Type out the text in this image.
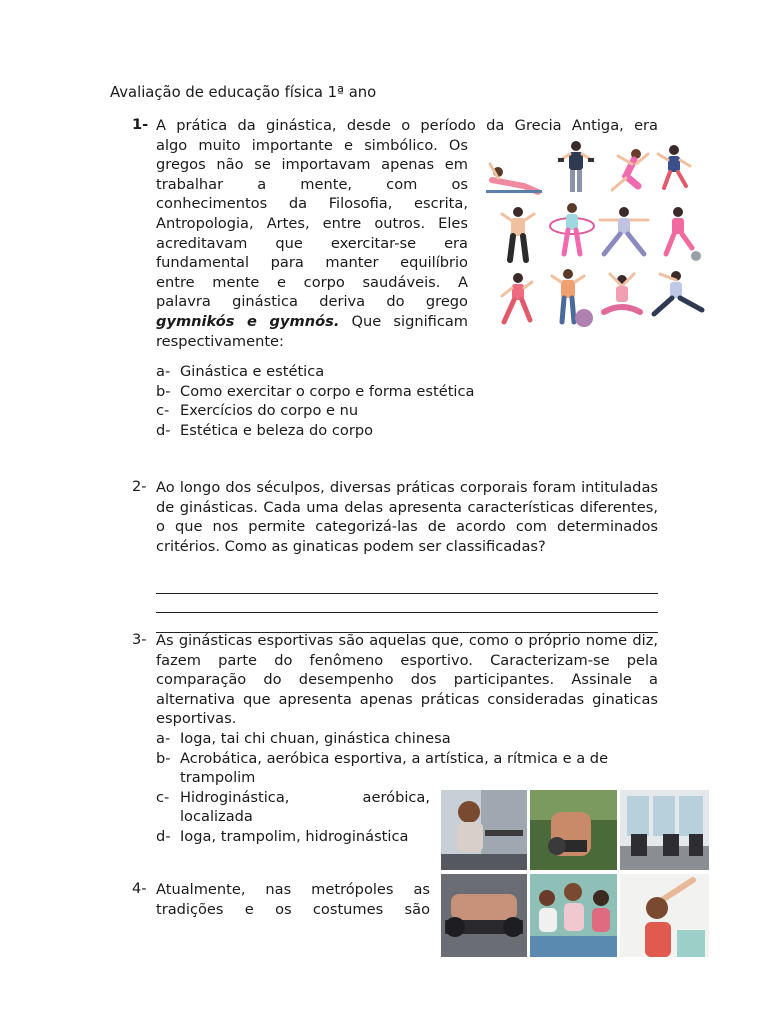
Avaliação de educação física 1ª ano
1- A prática da ginástica, desde o período da Grecia Antiga, era

algo muito importante e simbólico. Os

gregos não se importavam apenas em

trabalhar a mente, com os

conhecimentos da Filosofia, escrita,

Antropologia, Artes, entre outros. Eles

acreditavam que exercitar-se era

fundamental para manter equilíbrio

entre mente e corpo saudáveis. A

palavra ginástica deriva do grego

gymnikós e gymnós. Que significam

respectivamente:

a- Ginástica e estética
b- Como exercitar o corpo e forma estética
c- Exercícios do corpo e nu
d- Estética e beleza do corpo
2- Ao longo dos séculpos, diversas práticas corporais foram intituladas de ginásticas. Cada uma delas apresenta características diferentes, o que nos permite categorizá-las de acordo com determinados critérios. Como as ginaticas podem ser classificadas?

3- As ginásticas esportivas são aquelas que, como o próprio nome diz, fazem parte do fenômeno esportivo. Caracterizam-se pela comparação do desempenho dos participantes. Assinale a alternativa que apresenta apenas práticas consideradas ginaticas esportivas.

a- Ioga, tai chi chuan, ginástica chinesa
b- Acrobática, aeróbica esportiva, a artística, a rítmica e a de trampolim
c- Hidroginástica, aeróbica, localizada
d- Ioga, trampolim, hidroginástica
4- Atualmente, nas metrópoles as tradições e os costumes são
